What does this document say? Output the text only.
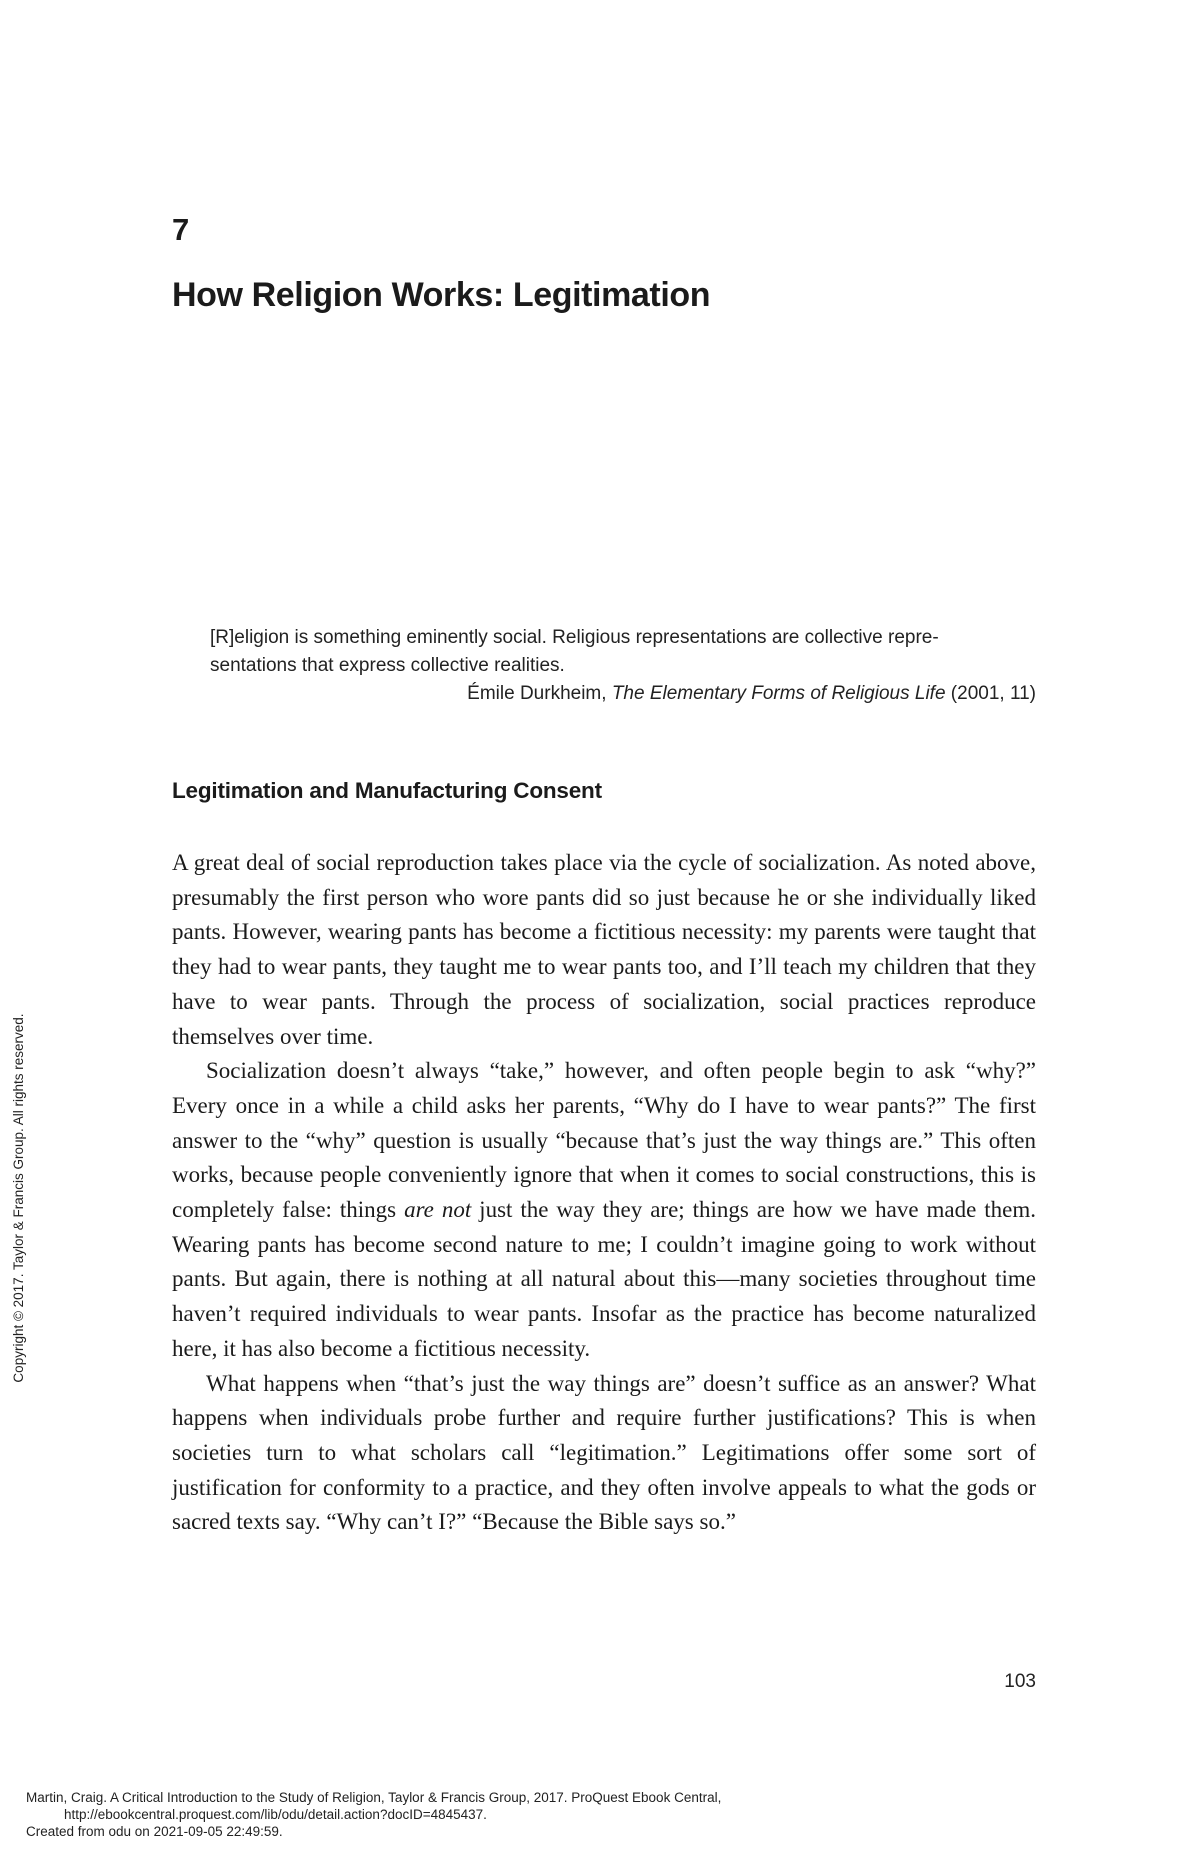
7
How Religion Works: Legitimation

[R]eligion is something eminently social. Religious representations are collective repre-
sentations that express collective realities.

Émile Durkheim, The Elementary Forms of Religious Life (2001, 11)

Legitimation and Manufacturing Consent

A great deal of social reproduction takes place via the cycle of socialization. As noted above, presumably the first person who wore pants did so just because he or she individually liked pants. However, wearing pants has become a fictitious necessity: my parents were taught that they had to wear pants, they taught me to wear pants too, and I’ll teach my children that they have to wear pants. Through the process of socialization, social practices reproduce themselves over time.

Socialization doesn’t always “take,” however, and often people begin to ask “why?” Every once in a while a child asks her parents, “Why do I have to wear pants?” The first answer to the “why” question is usually “because that’s just the way things are.” This often works, because people conveniently ignore that when it comes to social constructions, this is completely false: things are not just the way they are; things are how we have made them. Wearing pants has become second nature to me; I couldn’t imagine going to work without pants. But again, there is nothing at all natural about this—many societies throughout time haven’t required individuals to wear pants. Insofar as the practice has become naturalized here, it has also become a fictitious necessity.

What happens when “that’s just the way things are” doesn’t suffice as an answer? What happens when individuals probe further and require further justifications? This is when societies turn to what scholars call “legitimation.” Legitimations offer some sort of justification for conformity to a practice, and they often involve appeals to what the gods or sacred texts say. “Why can’t I?” “Because the Bible says so.”

103
Copyright © 2017. Taylor & Francis Group. All rights reserved.
Martin, Craig. A Critical Introduction to the Study of Religion, Taylor & Francis Group, 2017. ProQuest Ebook Central,
http://ebookcentral.proquest.com/lib/odu/detail.action?docID=4845437.
Created from odu on 2021-09-05 22:49:59.
